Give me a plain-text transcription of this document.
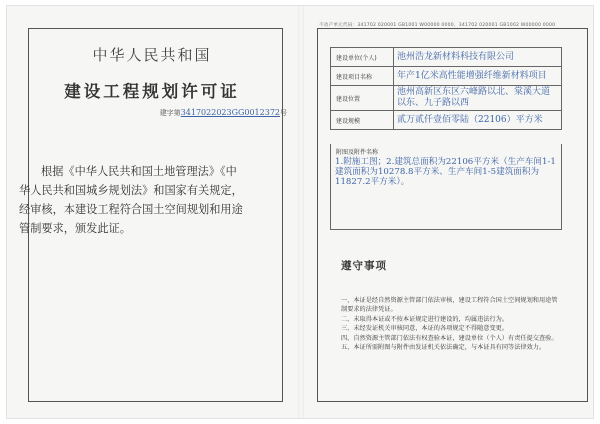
中华人民共和国
建设工程规划许可证
建字第3417022023GG0012372号
根据《中华人民共和国土地管理法》《中华人民共和国城乡规划法》和国家有关规定，经审核，本建设工程符合国土空间规划和用途管制要求，颁发此证。
不动产单元代码：341702 020001 GB1001 W00000 0000、341702 020001 GB1002 W00000 0000
建设单位(个人)	池州浩龙新材料科技有限公司
建设项目名称	年产1亿米高性能增强纤维新材料项目
建设位置	池州高新区东区六峰路以北、棠溪大道以东、九子路以西
建设规模	贰万贰仟壹佰零陆（22106）平方米
附图及附件名称
1.附施工图；2.建筑总面积为22106平方米（生产车间1-1建筑面积为10278.8平方米、生产车间1-5建筑面积为11827.2平方米）。
遵守事项
一、本证是经自然资源主管部门依法审核，建设工程符合国土空间规划和用途管制要求的法律凭证。
二、未取得本证或不按本证规定进行建设的，均属违法行为。
三、未经发证机关审核同意，本证的各项规定不得随意变更。
四、自然资源主管部门依法有权查验本证，建设单位（个人）有责任提交查验。
五、本证所需附图与附件由发证机关依法确定，与本证具有同等法律效力。
